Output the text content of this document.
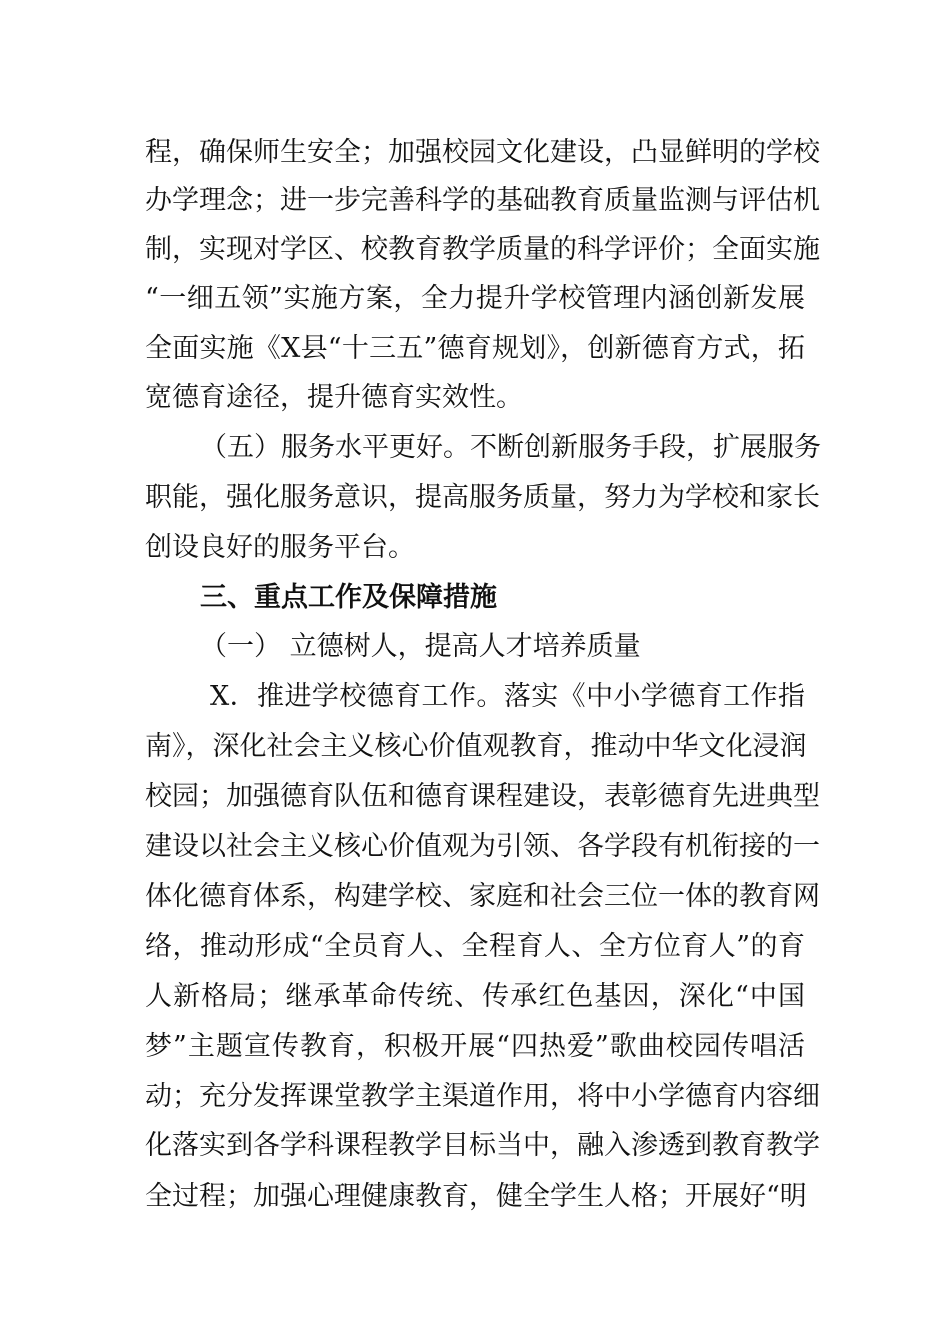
程，确保师生安全；加强校园文化建设，凸显鲜明的学校
办学理念；进一步完善科学的基础教育质量监测与评估机
制，实现对学区、校教育教学质量的科学评价；全面实施
“一细五领”实施方案，全力提升学校管理内涵创新发展
全面实施《X县“十三五”德育规划》，创新德育方式，拓
宽德育途径，提升德育实效性。
（五）服务水平更好。不断创新服务手段，扩展服务
职能，强化服务意识，提高服务质量，努力为学校和家长
创设良好的服务平台。
三、重点工作及保障措施
（一） 立德树人，提高人才培养质量
X．推进学校德育工作。落实《中小学德育工作指
南》，深化社会主义核心价值观教育，推动中华文化浸润
校园；加强德育队伍和德育课程建设，表彰德育先进典型
建设以社会主义核心价值观为引领、各学段有机衔接的一
体化德育体系，构建学校、家庭和社会三位一体的教育网
络，推动形成“全员育人、全程育人、全方位育人”的育
人新格局；继承革命传统、传承红色基因，深化“中国
梦”主题宣传教育，积极开展“四热爱”歌曲校园传唱活
动；充分发挥课堂教学主渠道作用，将中小学德育内容细
化落实到各学科课程教学目标当中，融入渗透到教育教学
全过程；加强心理健康教育，健全学生人格；开展好“明
